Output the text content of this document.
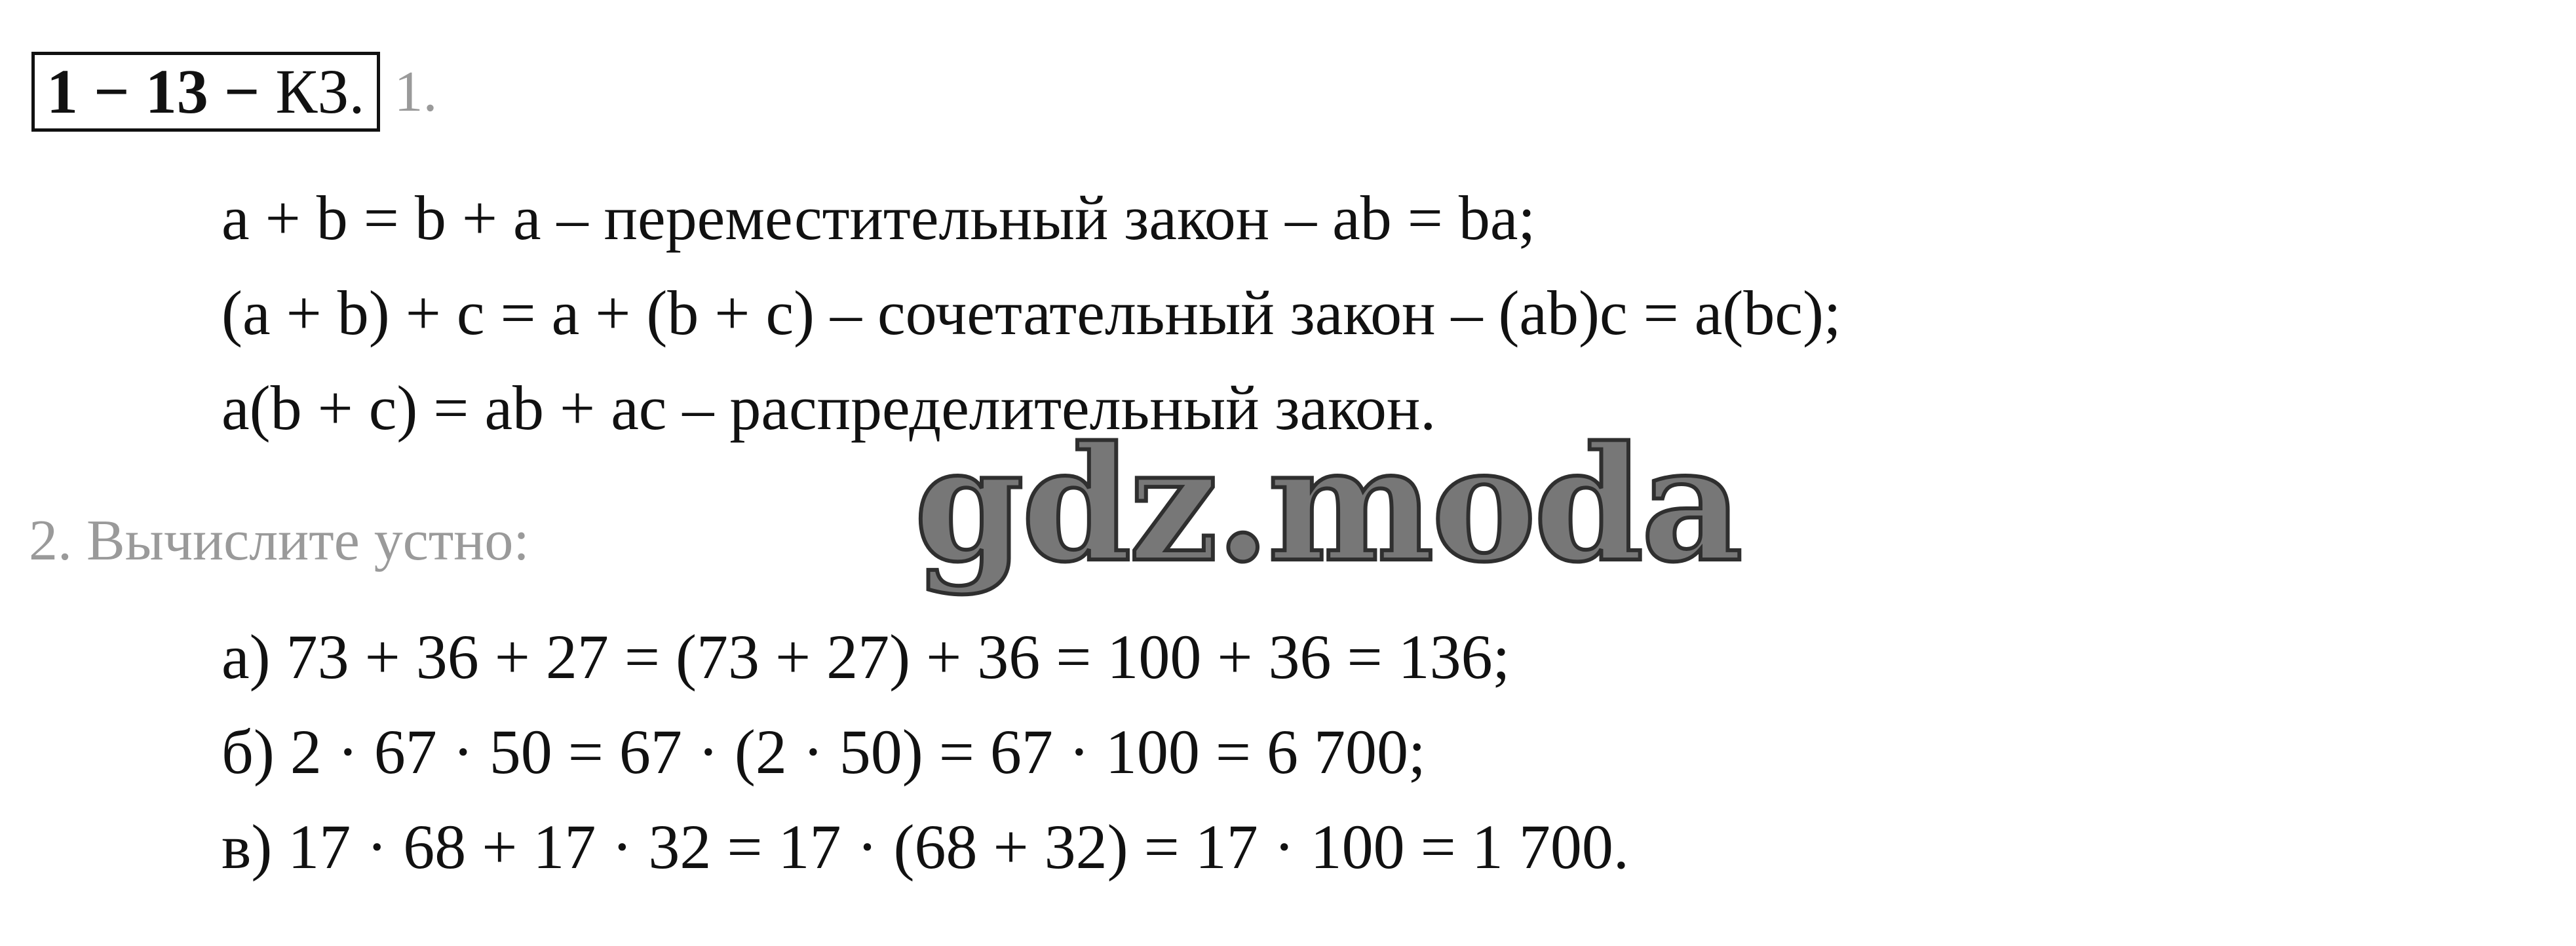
1 − 13 − КЗ. 1.
a + b = b + a – переместительный закон – ab = ba;
(a + b) + c = a + (b + c) – сочетательный закон – (ab)c = a(bc);
a(b + c) = ab + ac – распределительный закон.
2. Вычислите устно:
а) 73 + 36 + 27 = (73 + 27) + 36 = 100 + 36 = 136;
б) 2 · 67 · 50 = 67 · (2 · 50) = 67 · 100 = 6 700;
в) 17 · 68 + 17 · 32 = 17 · (68 + 32) = 17 · 100 = 1 700.
gdz.moda
